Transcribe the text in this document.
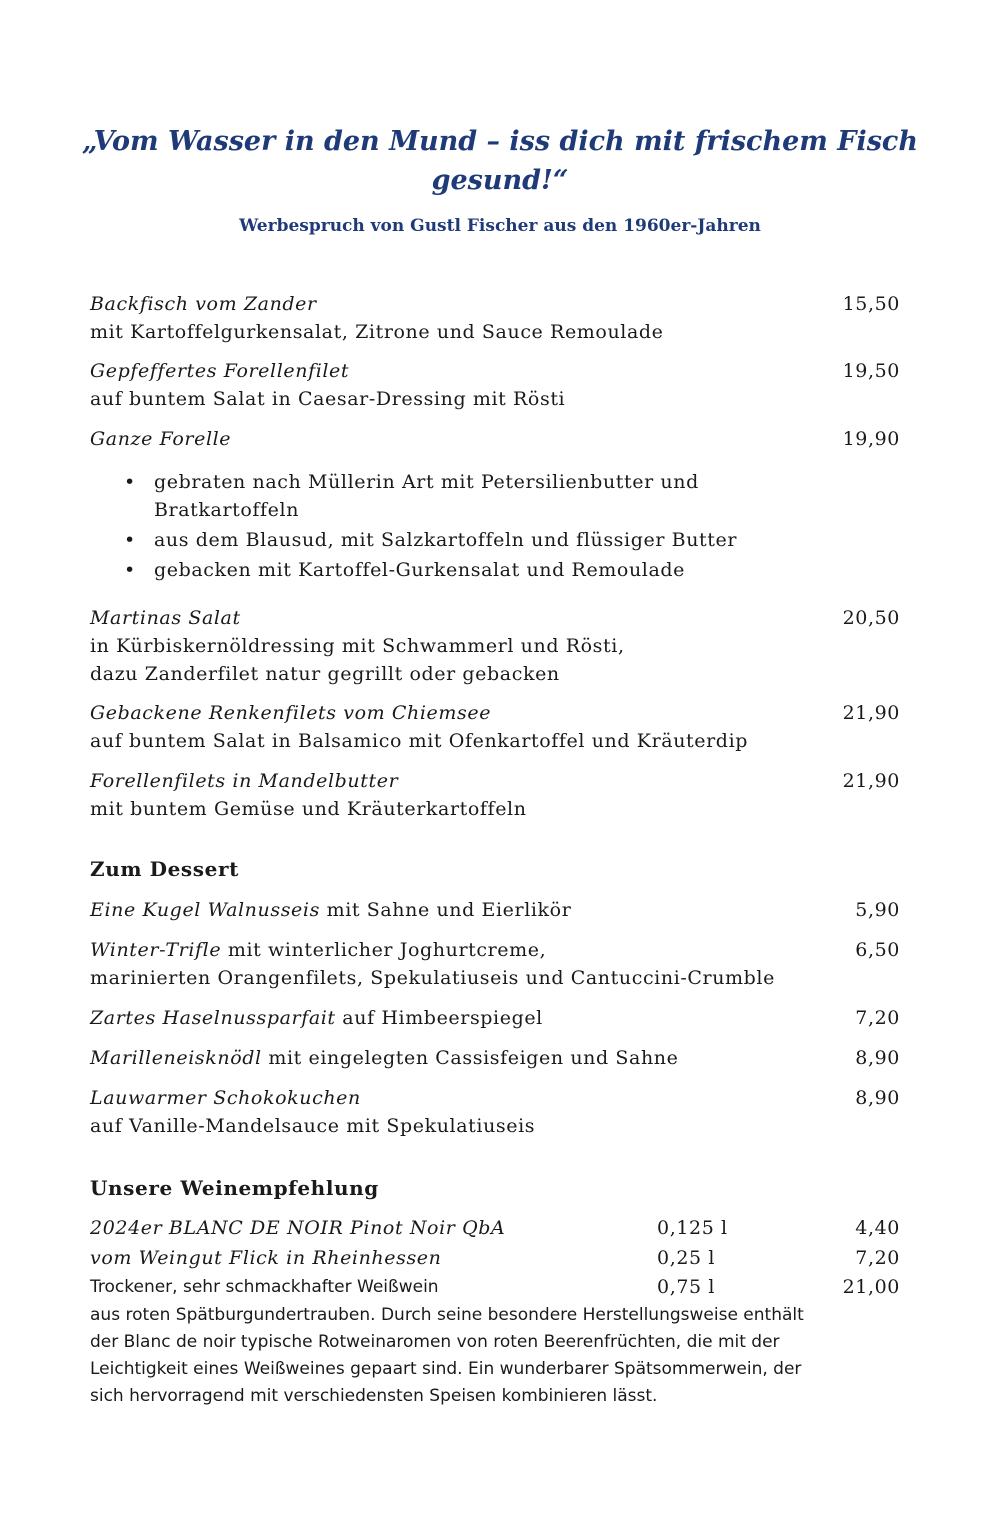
„Vom Wasser in den Mund – iss dich mit frischem Fisch gesund!“

Werbespruch von Gustl Fischer aus den 1960er-Jahren

Backfisch vom Zander
mit Kartoffelgurkensalat, Zitrone und Sauce Remoulade
15,50
Gepfeffertes Forellenfilet
auf buntem Salat in Caesar-Dressing mit Rösti
19,50
Ganze Forelle	19,90
• gebraten nach Müllerin Art mit Petersilienbutter und Bratkartoffeln
• aus dem Blausud, mit Salzkartoffeln und flüssiger Butter
• gebacken mit Kartoffel-Gurkensalat und Remoulade
Martinas Salat
in Kürbiskernöldressing mit Schwammerl und Rösti,
dazu Zanderfilet natur gegrillt oder gebacken
20,50
Gebackene Renkenfilets vom Chiemsee
auf buntem Salat in Balsamico mit Ofenkartoffel und Kräuterdip
21,90
Forellenfilets in Mandelbutter
mit buntem Gemüse und Kräuterkartoffeln
21,90
Zum Dessert
Eine Kugel Walnusseis mit Sahne und Eierlikör	5,90
Winter-Trifle mit winterlicher Joghurtcreme,
marinierten Orangenfilets, Spekulatiuseis und Cantuccini-Crumble
6,50
Zartes Haselnussparfait auf Himbeerspiegel	7,20
Marilleneisknödl mit eingelegten Cassisfeigen und Sahne	8,90
Lauwarmer Schokokuchen
auf Vanille-Mandelsauce mit Spekulatiuseis
8,90
Unsere Weinempfehlung
2024er BLANC DE NOIR Pinot Noir QbA	0,125 l	4,40
vom Weingut Flick in Rheinhessen	0,25 l	7,20
Trockener, sehr schmackhafter Weißwein	0,75 l	21,00
aus roten Spätburgundertrauben. Durch seine besondere Herstellungsweise enthält
der Blanc de noir typische Rotweinaromen von roten Beerenfrüchten, die mit der
Leichtigkeit eines Weißweines gepaart sind. Ein wunderbarer Spätsommerwein, der
sich hervorragend mit verschiedensten Speisen kombinieren lässt.
